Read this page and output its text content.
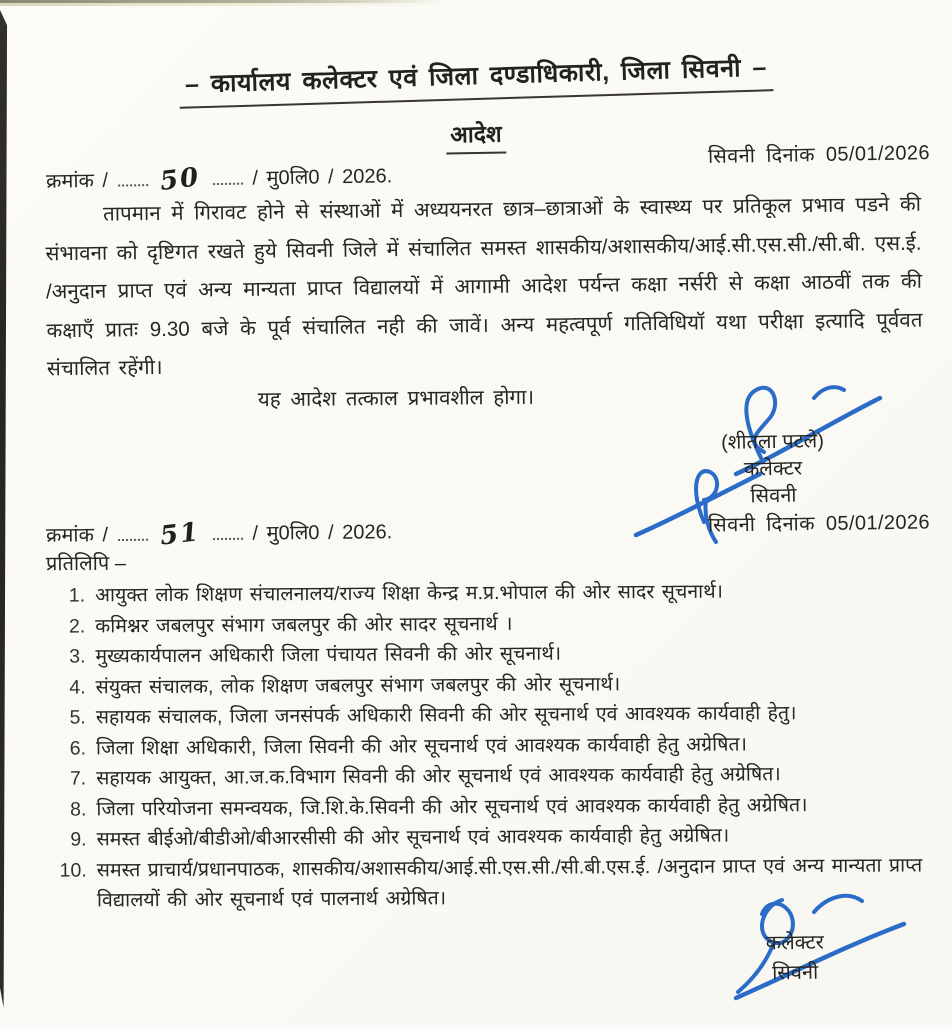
– कार्यालय कलेक्टर एवं जिला दण्डाधिकारी, जिला सिवनी –
आदेश
सिवनी दिनांक 05/01/2026
क्रमांक / 50	/ मु0लि0 / 2026.
तापमान में गिरावट होने से संस्थाओं में अध्ययनरत छात्र–छात्राओं के स्वास्थ्य पर प्रतिकूल प्रभाव पडने की संभावना को दृष्टिगत रखते हुये सिवनी जिले में संचालित समस्त शासकीय/अशासकीय/आई.सी.एस.सी./सी.बी. एस.ई. /अनुदान प्राप्त एवं अन्य मान्यता प्राप्त विद्यालयों में आगामी आदेश पर्यन्त कक्षा नर्सरी से कक्षा आठवीं तक की कक्षाएँ प्रातः 9.30 बजे के पूर्व संचालित नही की जावें। अन्य महत्वपूर्ण गतिविधियॉ यथा परीक्षा इत्यादि पूर्ववत संचालित रहेंगी।
यह आदेश तत्काल प्रभावशील होगा।
(शीतला पटले)
कलेक्टर
सिवनी
सिवनी दिनांक 05/01/2026
क्रमांक / 51	/ मु0लि0 / 2026.
प्रतिलिपि –
1. आयुक्त लोक शिक्षण संचालनालय/राज्य शिक्षा केन्द्र म.प्र.भोपाल की ओर सादर सूचनार्थ।
2. कमिश्नर जबलपुर संभाग जबलपुर की ओर सादर सूचनार्थ ।
3. मुख्यकार्यपालन अधिकारी जिला पंचायत सिवनी की ओर सूचनार्थ।
4. संयुक्त संचालक, लोक शिक्षण जबलपुर संभाग जबलपुर की ओर सूचनार्थ।
5. सहायक संचालक, जिला जनसंपर्क अधिकारी सिवनी की ओर सूचनार्थ एवं आवश्यक कार्यवाही हेतु।
6. जिला शिक्षा अधिकारी, जिला सिवनी की ओर सूचनार्थ एवं आवश्यक कार्यवाही हेतु अग्रेषित।
7. सहायक आयुक्त, आ.ज.क.विभाग सिवनी की ओर सूचनार्थ एवं आवश्यक कार्यवाही हेतु अग्रेषित।
8. जिला परियोजना समन्वयक, जि.शि.के.सिवनी की ओर सूचनार्थ एवं आवश्यक कार्यवाही हेतु अग्रेषित।
9. समस्त बीईओ/बीडीओ/बीआरसीसी की ओर सूचनार्थ एवं आवश्यक कार्यवाही हेतु अग्रेषित।
10. समस्त प्राचार्य/प्रधानपाठक, शासकीय/अशासकीय/आई.सी.एस.सी./सी.बी.एस.ई. /अनुदान प्राप्त एवं अन्य मान्यता प्राप्त विद्यालयों की ओर सूचनार्थ एवं पालनार्थ अग्रेषित।
कलेक्टर
सिवनी
